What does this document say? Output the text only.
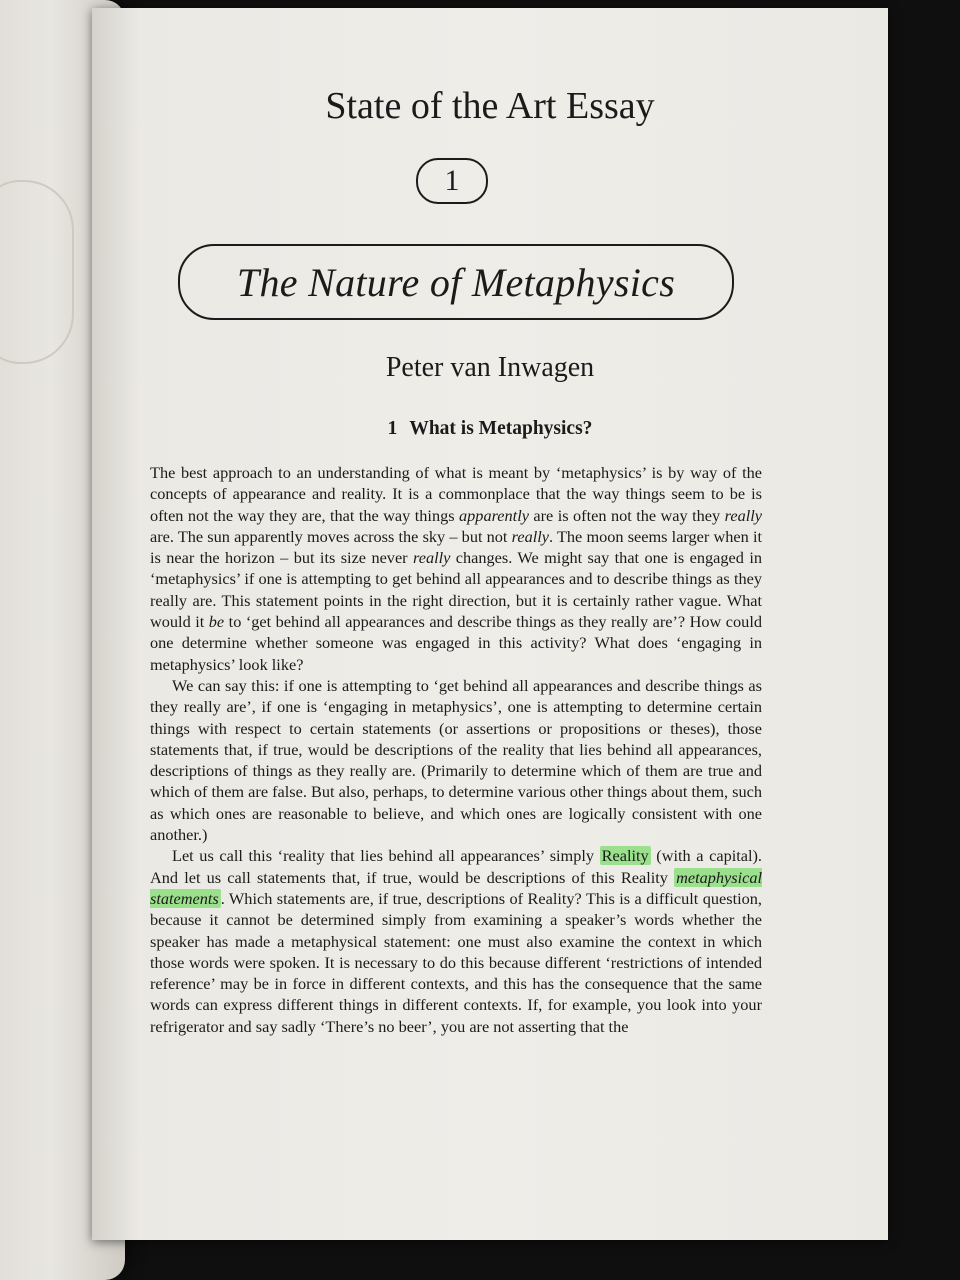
State of the Art Essay
1
The Nature of Metaphysics
Peter van Inwagen
1 What is Metaphysics?

The best approach to an understanding of what is meant by ‘metaphysics’ is by way of the concepts of appearance and reality. It is a commonplace that the way things seem to be is often not the way they are, that the way things apparently are is often not the way they really are. The sun apparently moves across the sky – but not really. The moon seems larger when it is near the horizon – but its size never really changes. We might say that one is engaged in ‘metaphysics’ if one is attempting to get behind all appearances and to describe things as they really are. This statement points in the right direction, but it is certainly rather vague. What would it be to ‘get behind all appearances and describe things as they really are’? How could one determine whether someone was engaged in this activity? What does ‘engaging in metaphysics’ look like?

We can say this: if one is attempting to ‘get behind all appearances and describe things as they really are’, if one is ‘engaging in metaphysics’, one is attempting to determine certain things with respect to certain statements (or assertions or propositions or theses), those statements that, if true, would be descriptions of the reality that lies behind all appearances, descriptions of things as they really are. (Primarily to determine which of them are true and which of them are false. But also, perhaps, to determine various other things about them, such as which ones are reasonable to believe, and which ones are logically consistent with one another.)

Let us call this ‘reality that lies behind all appearances’ simply Reality (with a capital). And let us call statements that, if true, would be descriptions of this Reality metaphysical statements . Which statements are, if true, descriptions of Reality? This is a difficult question, because it cannot be determined simply from examining a speaker’s words whether the speaker has made a metaphysical statement: one must also examine the context in which those words were spoken. It is necessary to do this because different ‘restrictions of intended reference’ may be in force in different contexts, and this has the consequence that the same words can express different things in different contexts. If, for example, you look into your refrigerator and say sadly ‘There’s no beer’, you are not asserting that the
